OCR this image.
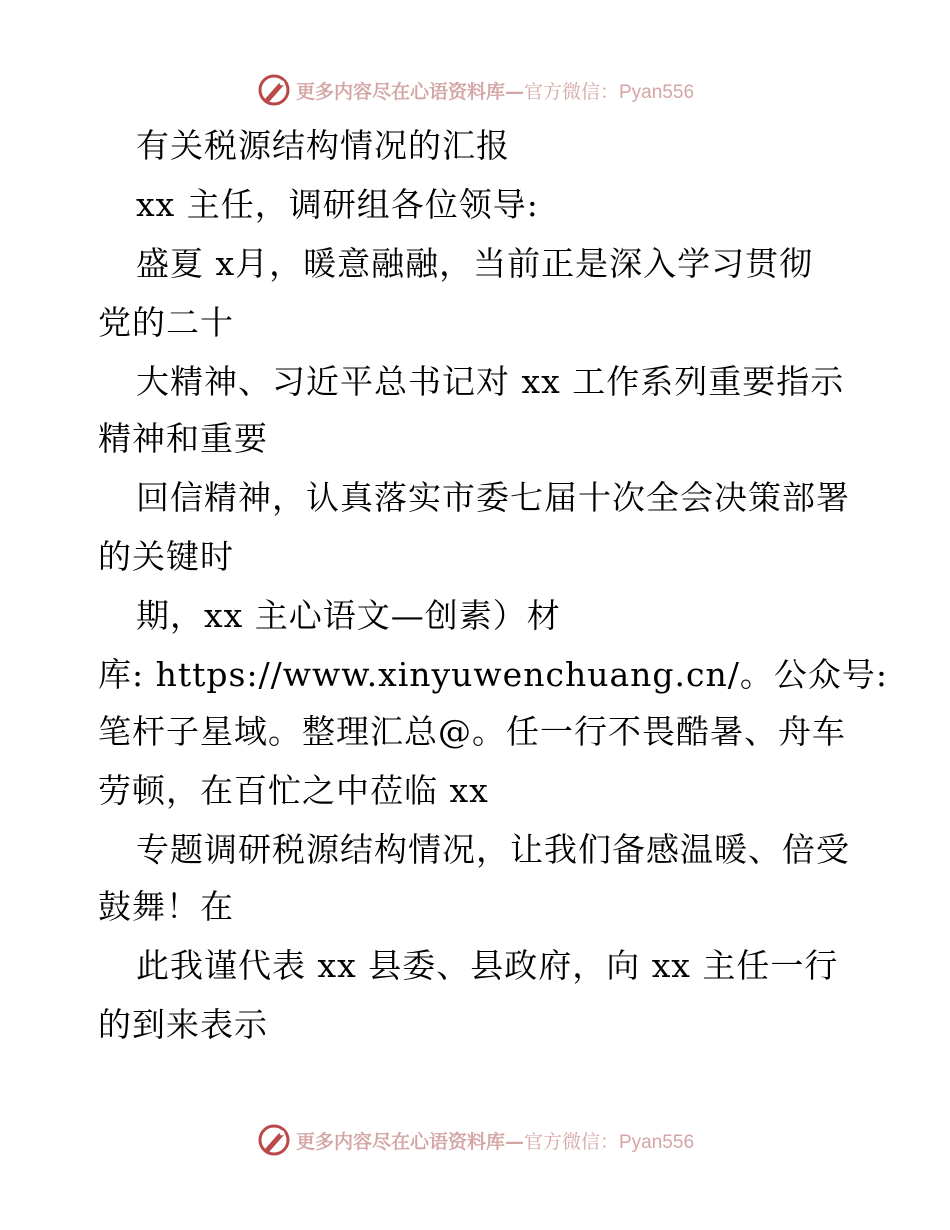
更多内容尽在心语资料库— 官方微信：Pyan556
有关税源结构情况的汇报
xx 主任，调研组各位领导:
盛夏 x月，暖意融融，当前正是深入学习贯彻
党的二十
大精神、习近平总书记对 xx 工作系列重要指示
精神和重要
回信精神，认真落实市委七届十次全会决策部署
的关键时
期，xx 主心语文—创素）材
库: https://www.xinyuwenchuang.cn/。公众号:
笔杆子星域。整理汇总@。任一行不畏酷暑、舟车
劳顿，在百忙之中莅临 xx
专题调研税源结构情况，让我们备感温暖、倍受
鼓舞！在
此我谨代表 xx 县委、县政府，向 xx 主任一行
的到来表示
更多内容尽在心语资料库— 官方微信：Pyan556
